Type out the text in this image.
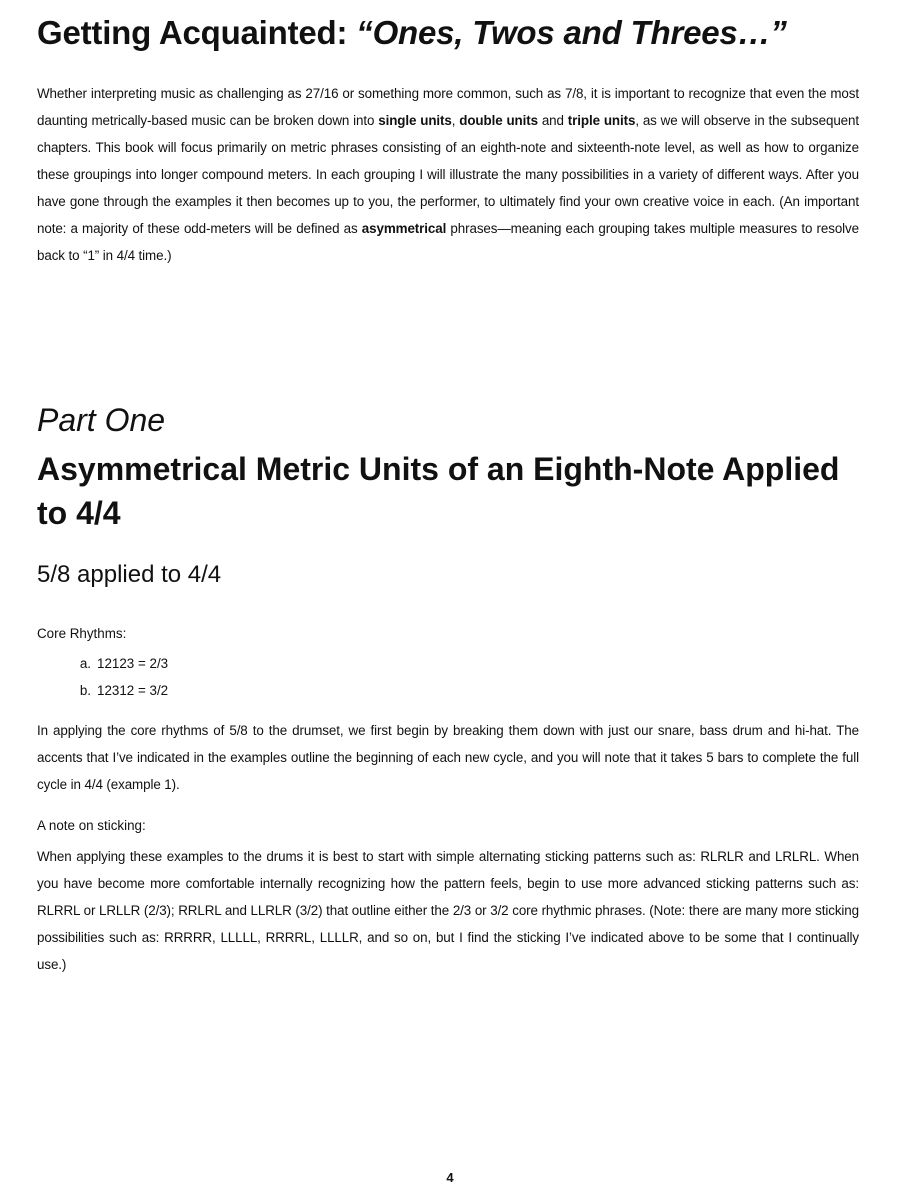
Getting Acquainted: “Ones, Twos and Threes…”

Whether interpreting music as challenging as 27/16 or something more common, such as 7/8, it is important to recognize that even the most daunting metrically-based music can be broken down into single units, double units and triple units, as we will observe in the subsequent chapters. This book will focus primarily on metric phrases consisting of an eighth-note and sixteenth-note level, as well as how to organize these groupings into longer compound meters. In each grouping I will illustrate the many possibilities in a variety of different ways. After you have gone through the examples it then becomes up to you, the performer, to ultimately find your own creative voice in each. (An important note: a majority of these odd-meters will be defined as asymmetrical phrases—meaning each grouping takes multiple measures to resolve back to “1” in 4/4 time.)

Part One
Asymmetrical Metric Units of an Eighth-Note Applied to 4/4
5/8 applied to 4/4

Core Rhythms:

a. 12123 = 2/3
b. 12312 = 3/2

In applying the core rhythms of 5/8 to the drumset, we first begin by breaking them down with just our snare, bass drum and hi-hat. The accents that I’ve indicated in the examples outline the beginning of each new cycle, and you will note that it takes 5 bars to complete the full cycle in 4/4 (example 1).

A note on sticking:

When applying these examples to the drums it is best to start with simple alternating sticking patterns such as: RLRLR and LRLRL. When you have become more comfortable internally recognizing how the pattern feels, begin to use more advanced sticking patterns such as: RLRRL or LRLLR (2/3); RRLRL and LLRLR (3/2) that outline either the 2/3 or 3/2 core rhythmic phrases. (Note: there are many more sticking possibilities such as: RRRRR, LLLLL, RRRRL, LLLLR, and so on, but I find the sticking I’ve indicated above to be some that I continually use.)

4
